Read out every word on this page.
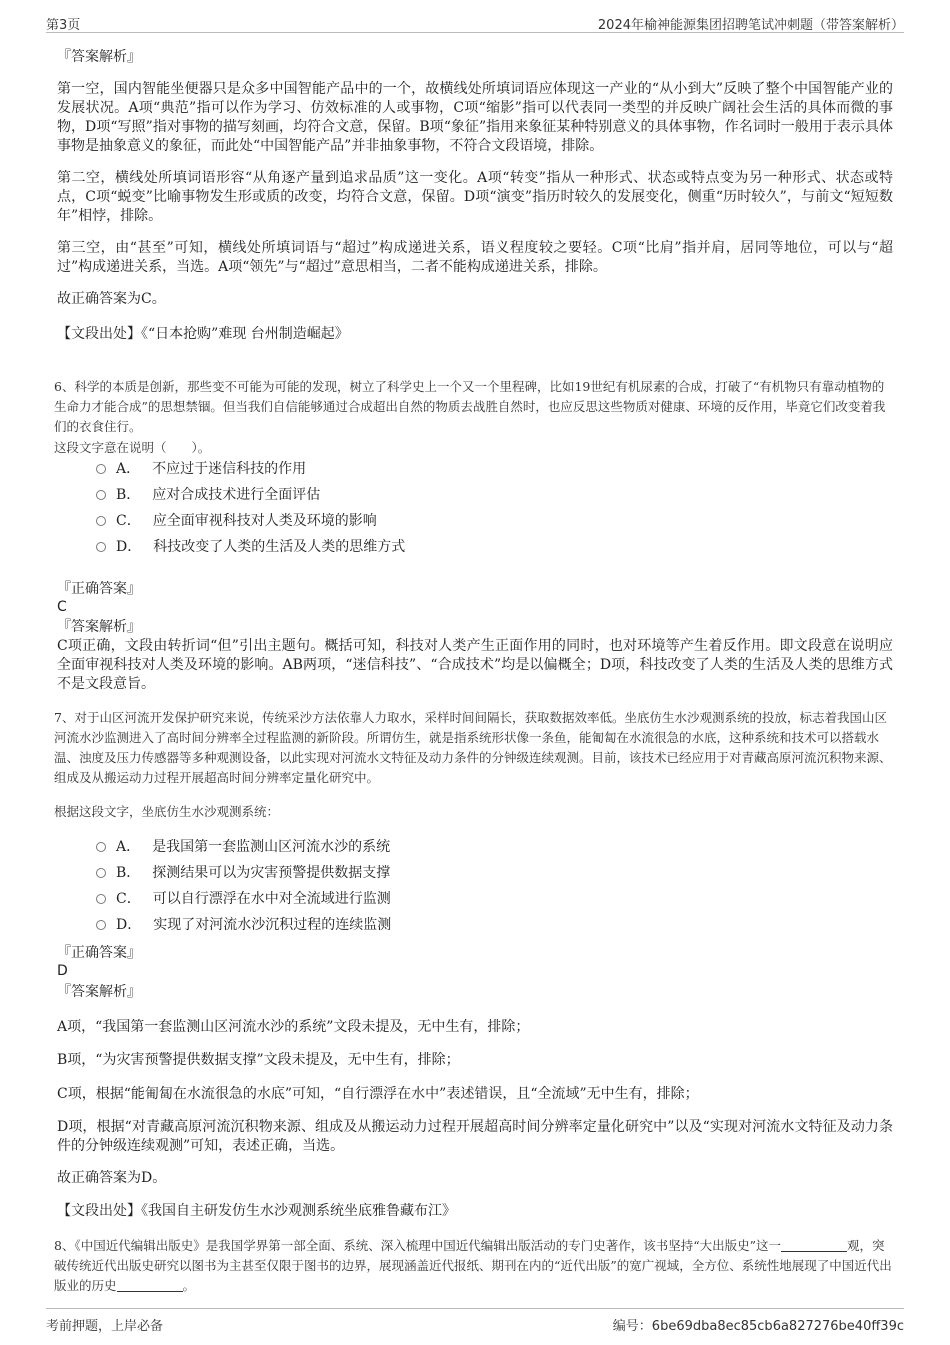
第3页	2024年榆神能源集团招聘笔试冲刺题（带答案解析）
『答案解析』
第一空，国内智能坐便器只是众多中国智能产品中的一个，故横线处所填词语应体现这一产业的“从小到大”反映了整个中国智能产业的发展状况。A项“典范”指可以作为学习、仿效标准的人或事物，C项“缩影”指可以代表同一类型的并反映广阔社会生活的具体而微的事物，D项“写照”指对事物的描写刻画，均符合文意，保留。B项“象征”指用来象征某种特别意义的具体事物，作名词时一般用于表示具体事物是抽象意义的象征，而此处“中国智能产品”并非抽象事物，不符合文段语境，排除。
第二空，横线处所填词语形容“从角逐产量到追求品质”这一变化。A项“转变”指从一种形式、状态或特点变为另一种形式、状态或特点，C项“蜕变”比喻事物发生形或质的改变，均符合文意，保留。D项“演变”指历时较久的发展变化，侧重“历时较久”，与前文“短短数年”相悖，排除。
第三空，由“甚至”可知，横线处所填词语与“超过”构成递进关系，语义程度较之要轻。C项“比肩”指并肩，居同等地位，可以与“超过”构成递进关系，当选。A项“领先”与“超过”意思相当，二者不能构成递进关系，排除。
故正确答案为C。
【文段出处】《“日本抢购”难现 台州制造崛起》
6、科学的本质是创新，那些变不可能为可能的发现，树立了科学史上一个又一个里程碑，比如19世纪有机尿素的合成，打破了“有机物只有靠动植物的生命力才能合成”的思想禁锢。但当我们自信能够通过合成超出自然的物质去战胜自然时，也应反思这些物质对健康、环境的反作用，毕竟它们改变着我们的衣食住行。
这段文字意在说明（　　）。
A． 不应过于迷信科技的作用
B． 应对合成技术进行全面评估
C． 应全面审视科技对人类及环境的影响
D． 科技改变了人类的生活及人类的思维方式
『正确答案』
C
『答案解析』
C项正确，文段由转折词“但”引出主题句。概括可知，科技对人类产生正面作用的同时，也对环境等产生着反作用。即文段意在说明应全面审视科技对人类及环境的影响。AB两项，“迷信科技”、“合成技术”均是以偏概全；D项，科技改变了人类的生活及人类的思维方式不是文段意旨。
7、对于山区河流开发保护研究来说，传统采沙方法依靠人力取水，采样时间间隔长，获取数据效率低。坐底仿生水沙观测系统的投放，标志着我国山区河流水沙监测进入了高时间分辨率全过程监测的新阶段。所谓仿生，就是指系统形状像一条鱼，能匍匐在水流很急的水底，这种系统和技术可以搭载水温、浊度及压力传感器等多种观测设备，以此实现对河流水文特征及动力条件的分钟级连续观测。目前，该技术已经应用于对青藏高原河流沉积物来源、组成及从搬运动力过程开展超高时间分辨率定量化研究中。
根据这段文字，坐底仿生水沙观测系统：
A． 是我国第一套监测山区河流水沙的系统
B． 探测结果可以为灾害预警提供数据支撑
C． 可以自行漂浮在水中对全流域进行监测
D． 实现了对河流水沙沉积过程的连续监测
『正确答案』
D
『答案解析』
A项，“我国第一套监测山区河流水沙的系统”文段未提及，无中生有，排除；
B项，“为灾害预警提供数据支撑”文段未提及，无中生有，排除；
C项，根据“能匍匐在水流很急的水底”可知，“自行漂浮在水中”表述错误，且“全流域”无中生有，排除；
D项，根据“对青藏高原河流沉积物来源、组成及从搬运动力过程开展超高时间分辨率定量化研究中”以及“实现对河流水文特征及动力条件的分钟级连续观测”可知，表述正确，当选。
故正确答案为D。
【文段出处】《我国自主研发仿生水沙观测系统坐底雅鲁藏布江》
8、《中国近代编辑出版史》是我国学界第一部全面、系统、深入梳理中国近代编辑出版活动的专门史著作，该书坚持“大出版史”这一	观，突破传统近代出版史研究以图书为主甚至仅限于图书的边界，展现涵盖近代报纸、期刊在内的“近代出版”的宽广视域，全方位、系统性地展现了中国近代出版业的历史	。
考前押题，上岸必备	编号：6be69dba8ec85cb6a827276be40ff39c
